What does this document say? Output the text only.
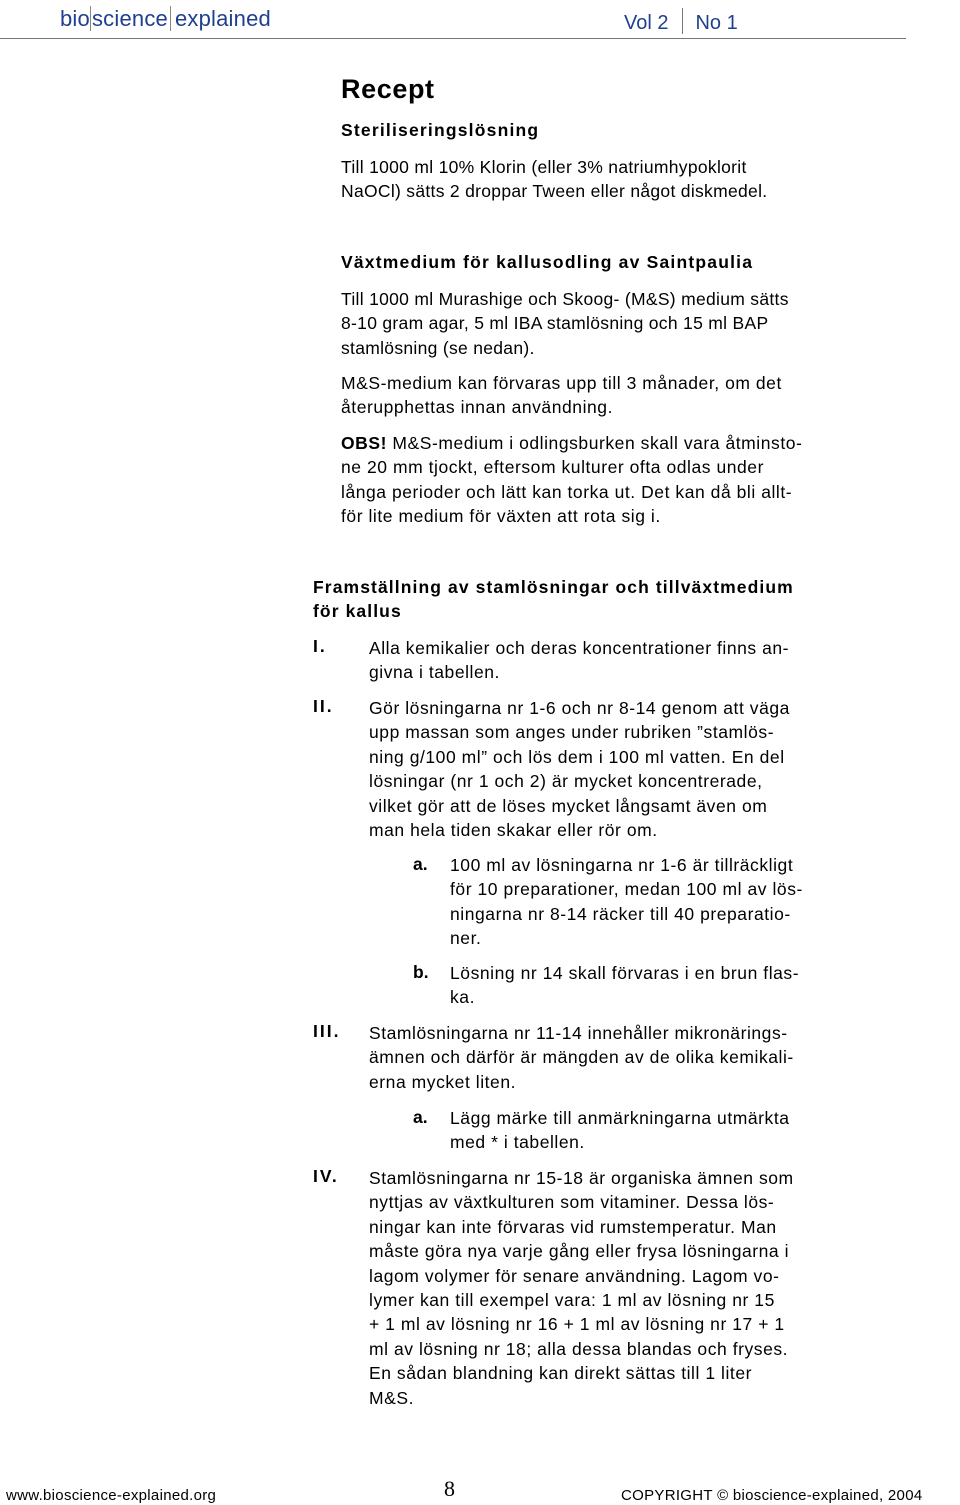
bioscience explained	Vol 2 No 1
Recept
Steriliseringslösning
Till 1000 ml 10% Klorin (eller 3% natriumhypoklorit
NaOCl) sätts 2 droppar Tween eller något diskmedel.
Växtmedium för kallusodling av Saintpaulia
Till 1000 ml Murashige och Skoog- (M&S) medium sätts
8-10 gram agar, 5 ml IBA stamlösning och 15 ml BAP
stamlösning (se nedan).
M&S-medium kan förvaras upp till 3 månader, om det
återupphettas innan användning.
OBS! M&S-medium i odlingsburken skall vara åtminsto-
ne 20 mm tjockt, eftersom kulturer ofta odlas under
långa perioder och lätt kan torka ut. Det kan då bli allt-
för lite medium för växten att rota sig i.
Framställning av stamlösningar och tillväxtmedium
för kallus
I. Alla kemikalier och deras koncentrationer finns an-
givna i tabellen.
II. Gör lösningarna nr 1-6 och nr 8-14 genom att väga
upp massan som anges under rubriken ”stamlös-
ning g/100 ml” och lös dem i 100 ml vatten. En del
lösningar (nr 1 och 2) är mycket koncentrerade,
vilket gör att de löses mycket långsamt även om
man hela tiden skakar eller rör om.
a. 100 ml av lösningarna nr 1-6 är tillräckligt
för 10 preparationer, medan 100 ml av lös-
ningarna nr 8-14 räcker till 40 preparatio-
ner.
b. Lösning nr 14 skall förvaras i en brun flas-
ka.
III. Stamlösningarna nr 11-14 innehåller mikronärings-
ämnen och därför är mängden av de olika kemikali-
erna mycket liten.
a. Lägg märke till anmärkningarna utmärkta
med * i tabellen.
IV. Stamlösningarna nr 15-18 är organiska ämnen som
nyttjas av växtkulturen som vitaminer. Dessa lös-
ningar kan inte förvaras vid rumstemperatur. Man
måste göra nya varje gång eller frysa lösningarna i
lagom volymer för senare användning. Lagom vo-
lymer kan till exempel vara: 1 ml av lösning nr 15
+ 1 ml av lösning nr 16 + 1 ml av lösning nr 17 + 1
ml av lösning nr 18; alla dessa blandas och fryses.
En sådan blandning kan direkt sättas till 1 liter
M&S.
www.bioscience-explained.org	8	COPYRIGHT © bioscience-explained, 2004
